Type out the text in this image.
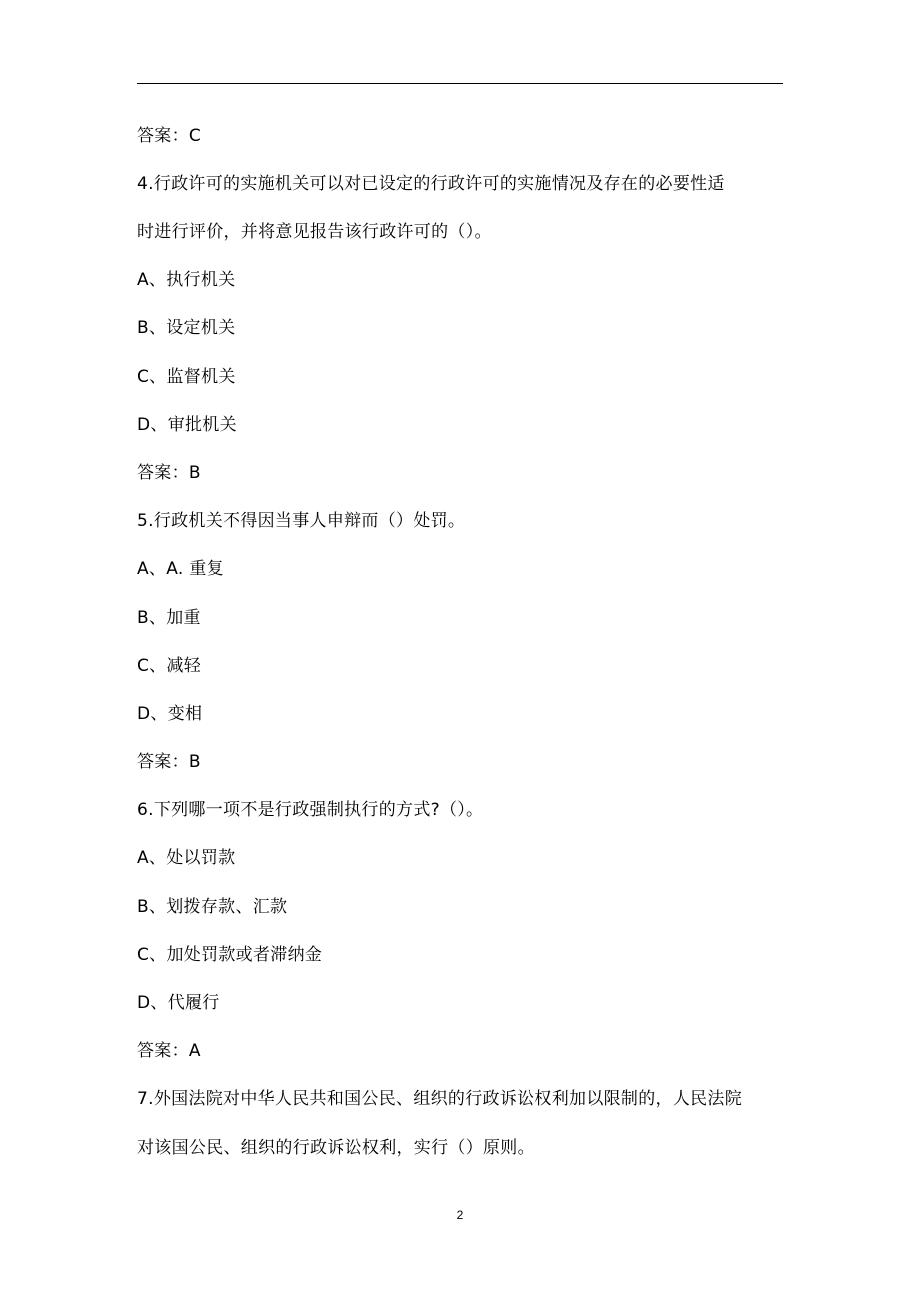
答案：C

4.行政许可的实施机关可以对已设定的行政许可的实施情况及存在的必要性适

时进行评价，并将意见报告该行政许可的（）。

A、执行机关

B、设定机关

C、监督机关

D、审批机关

答案：B

5.行政机关不得因当事人申辩而（）处罚。

A、A. 重复

B、加重

C、减轻

D、变相

答案：B

6.下列哪一项不是行政强制执行的方式?（）。

A、处以罚款

B、划拨存款、汇款

C、加处罚款或者滞纳金

D、代履行

答案：A

7.外国法院对中华人民共和国公民、组织的行政诉讼权利加以限制的，人民法院

对该国公民、组织的行政诉讼权利，实行（）原则。

2
